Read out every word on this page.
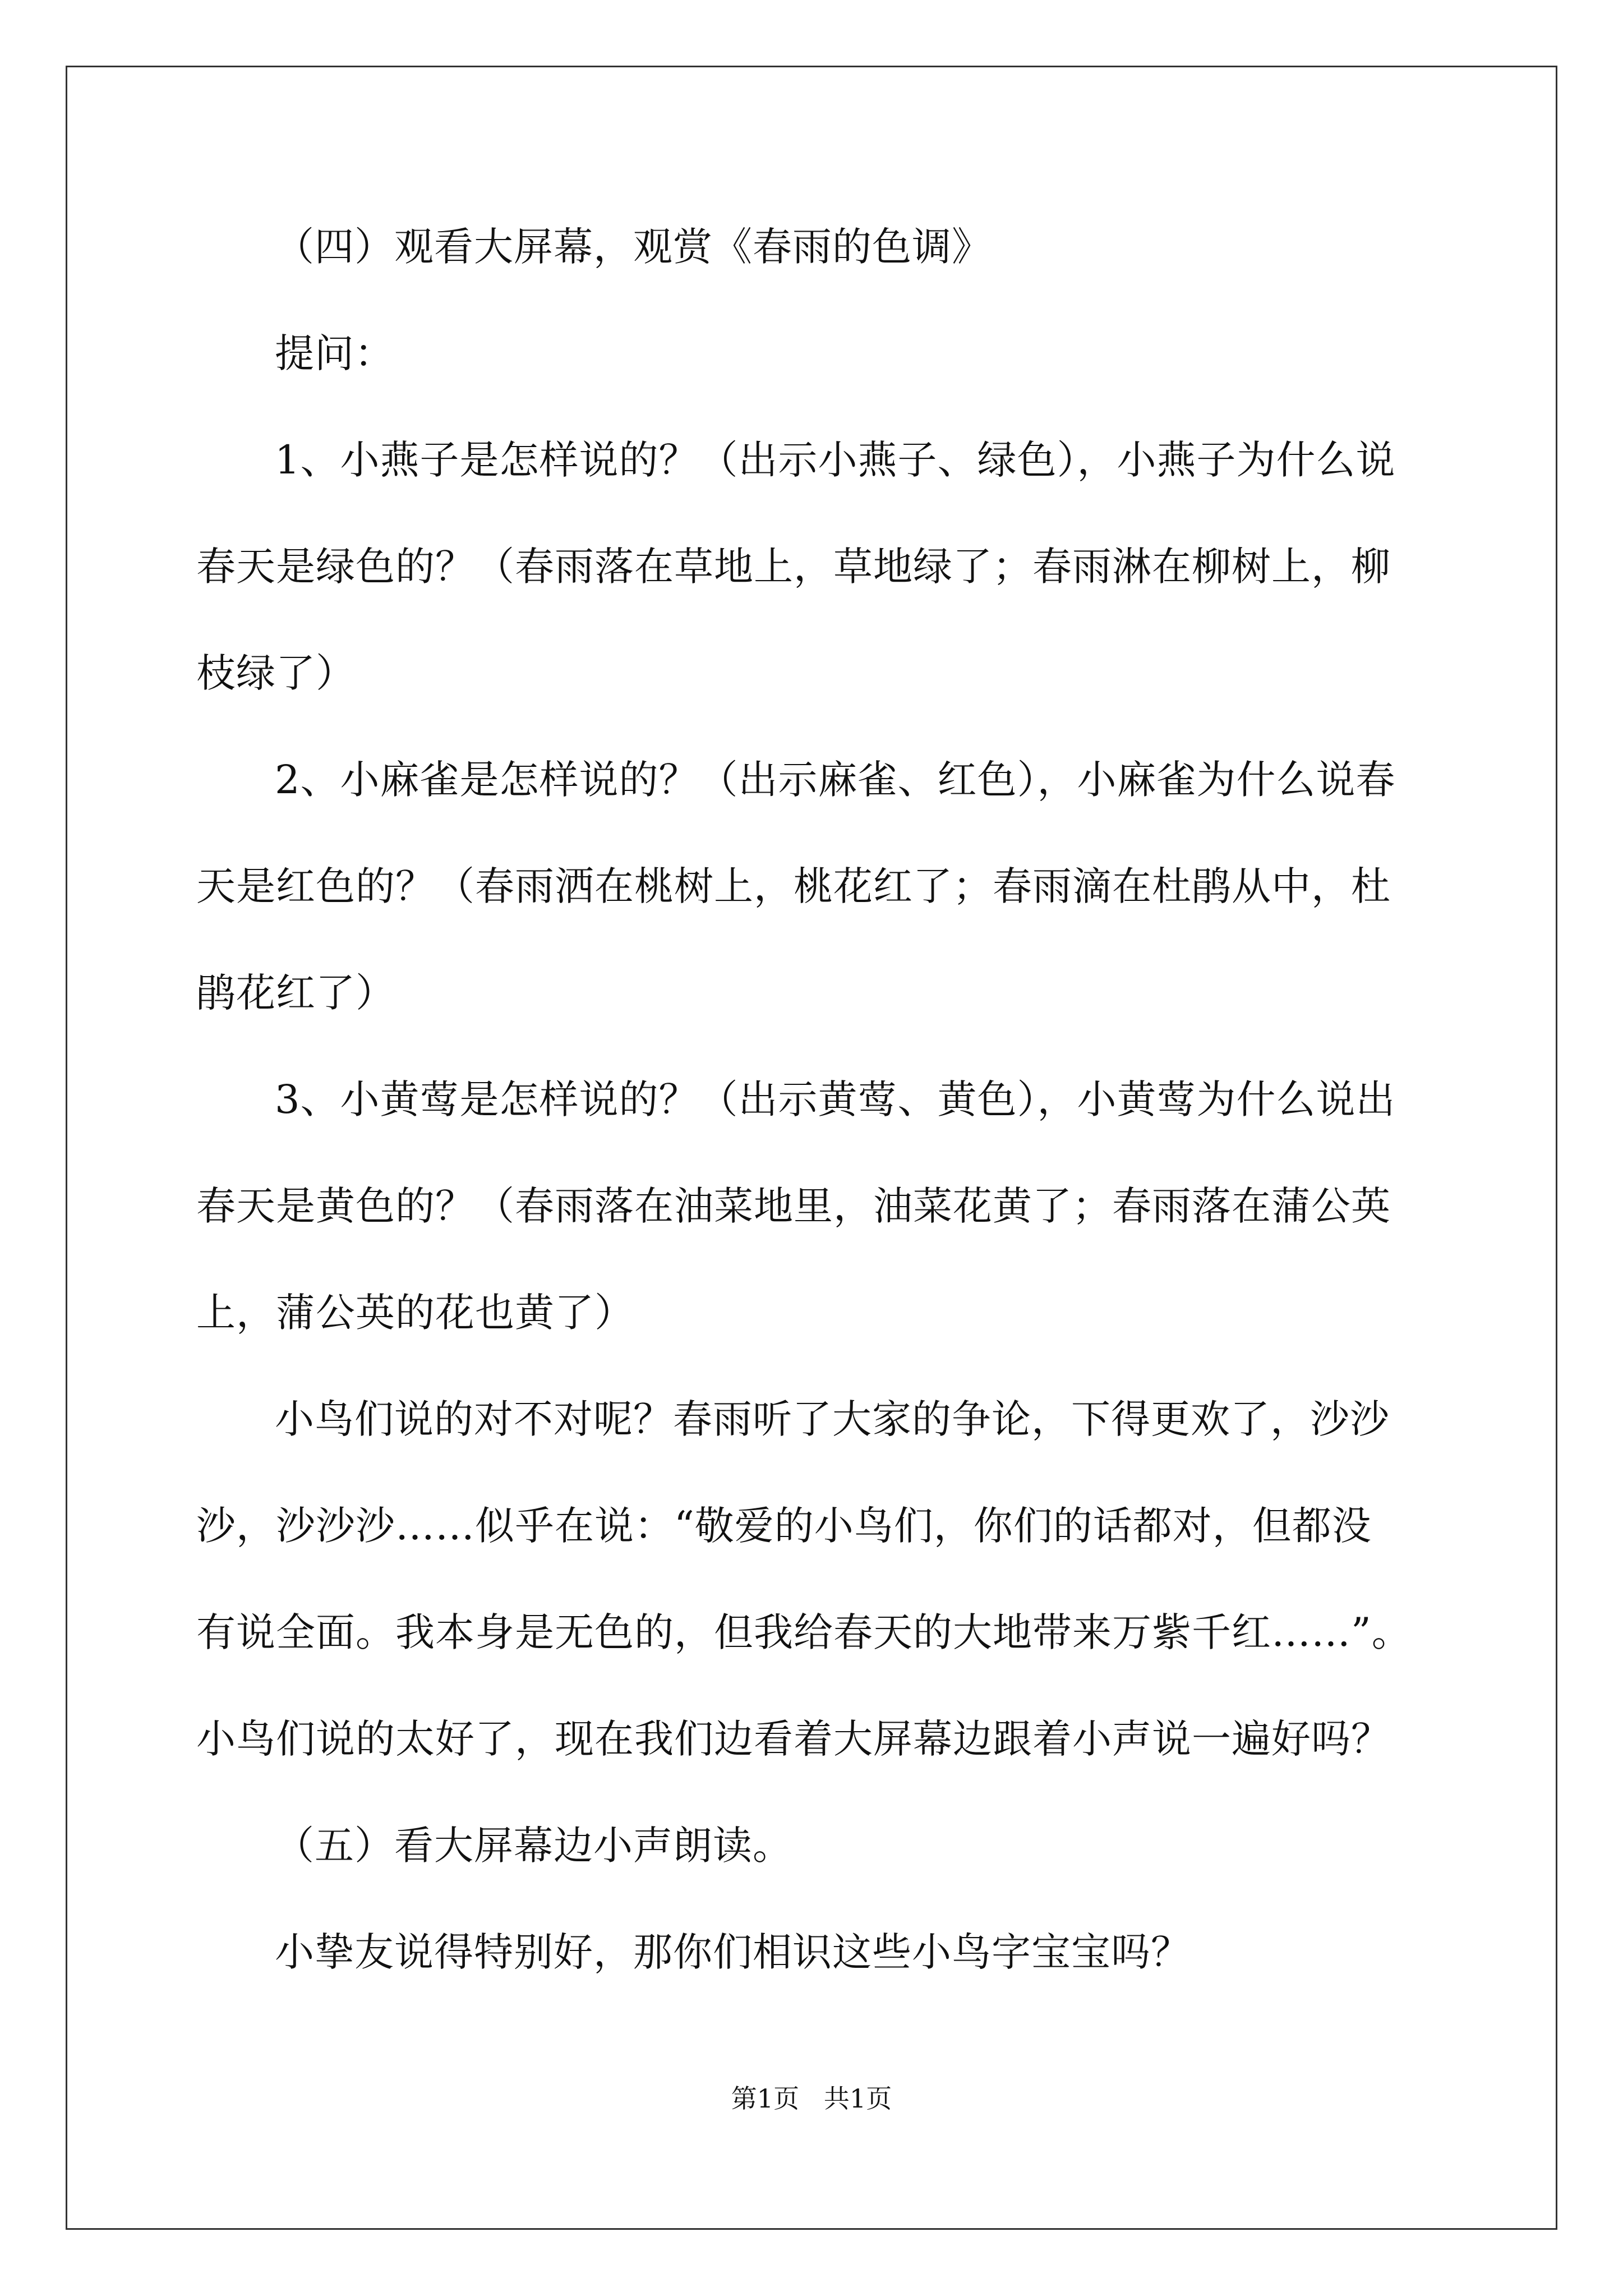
（四）观看大屏幕，观赏《春雨的色调》
提问：
1、小燕子是怎样说的？（出示小燕子、绿色），小燕子为什么说
春天是绿色的？（春雨落在草地上，草地绿了；春雨淋在柳树上，柳
枝绿了）
2、小麻雀是怎样说的？（出示麻雀、红色），小麻雀为什么说春
天是红色的？（春雨洒在桃树上，桃花红了；春雨滴在杜鹃从中，杜
鹃花红了）
3、小黄莺是怎样说的？（出示黄莺、黄色），小黄莺为什么说出
春天是黄色的？（春雨落在油菜地里，油菜花黄了；春雨落在蒲公英
上，蒲公英的花也黄了）
小鸟们说的对不对呢？春雨听了大家的争论，下得更欢了，沙沙
沙，沙沙沙……似乎在说：“敬爱的小鸟们，你们的话都对，但都没
有说全面。我本身是无色的，但我给春天的大地带来万紫千红……”。
小鸟们说的太好了，现在我们边看着大屏幕边跟着小声说一遍好吗？
（五）看大屏幕边小声朗读。
小挚友说得特别好，那你们相识这些小鸟字宝宝吗？
第1页   共1页
